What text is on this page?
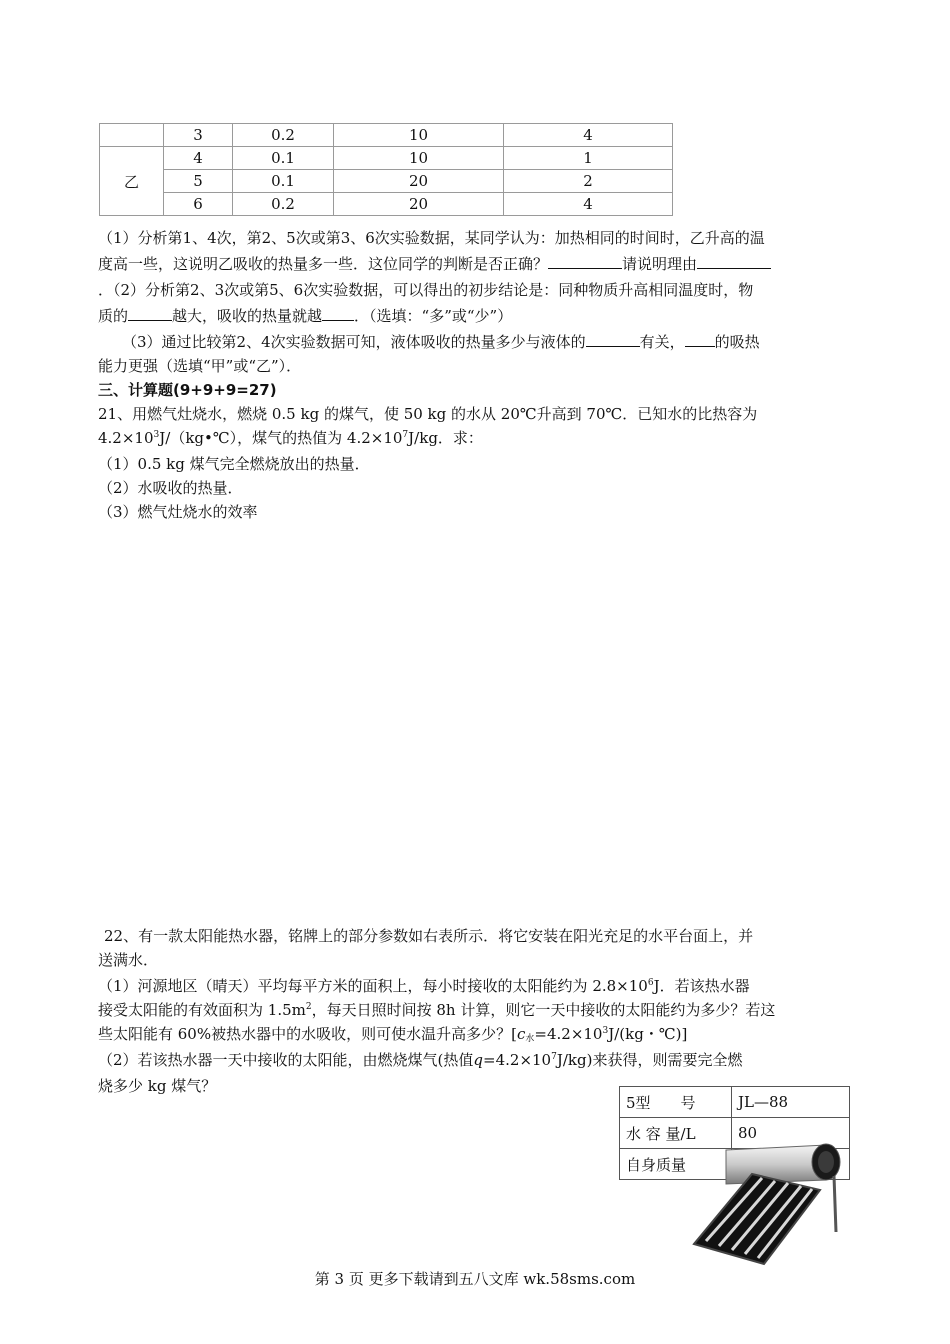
	3	0.2	10	4
乙	4	0.1	10	1
	5	0.1	20	2
	6	0.2	20	4
（1）分析第1、4次，第2、5次或第3、6次实验数据，某同学认为：加热相同的时间时，乙升高的温
度高一些，这说明乙吸收的热量多一些．这位同学的判断是否正确？	请说明理由
．（2）分析第2、3次或第5、6次实验数据，可以得出的初步结论是：同种物质升高相同温度时，物
质的	越大，吸收的热量就越 ．（选填：“多”或“少”）
（3）通过比较第2、4次实验数据可知，液体吸收的热量多少与液体的	有关， 的吸热
能力更强（选填“甲”或“乙”）．
三、计算题(9+9+9=27)
21、用燃气灶烧水，燃烧 0.5 kg 的煤气，使 50 kg 的水从 20℃升高到 70℃．已知水的比热容为
$4.2\times 10^3J/(kg•℃)$，煤气的热值为 $4.2\times 10^7J/kg$．求：
（1）0.5 kg 煤气完全燃烧放出的热量．
（2）水吸收的热量．
（3）燃气灶烧水的效率
22、有一款太阳能热水器，铭牌上的部分参数如右表所示．将它安装在阳光充足的水平台面上，并
送满水．
（1）河源地区（晴天）平均每平方米的面积上，每小时接收的太阳能约为 $2.8\times 10^6J$．若该热水器
接受太阳能的有效面积为 $1.5m^2$，每天日照时间按 8h 计算，则它一天中接收的太阳能约为多少？若这
些太阳能有 60%被热水器中的水吸收，则可使水温升高多少？[$c_水=4.2\times 10^3J/(kg$・℃)]
（2）若该热水器一天中接收的太阳能，由燃烧煤气(热值$q=4.2\times 10^7J/kg$)来获得，则需要完全燃
烧多少 kg 煤气？
5型　　号	JL—88
水 容 量/L	80
自身质量	
第 3 页 更多下载请到五八文库 wk.58sms.com
